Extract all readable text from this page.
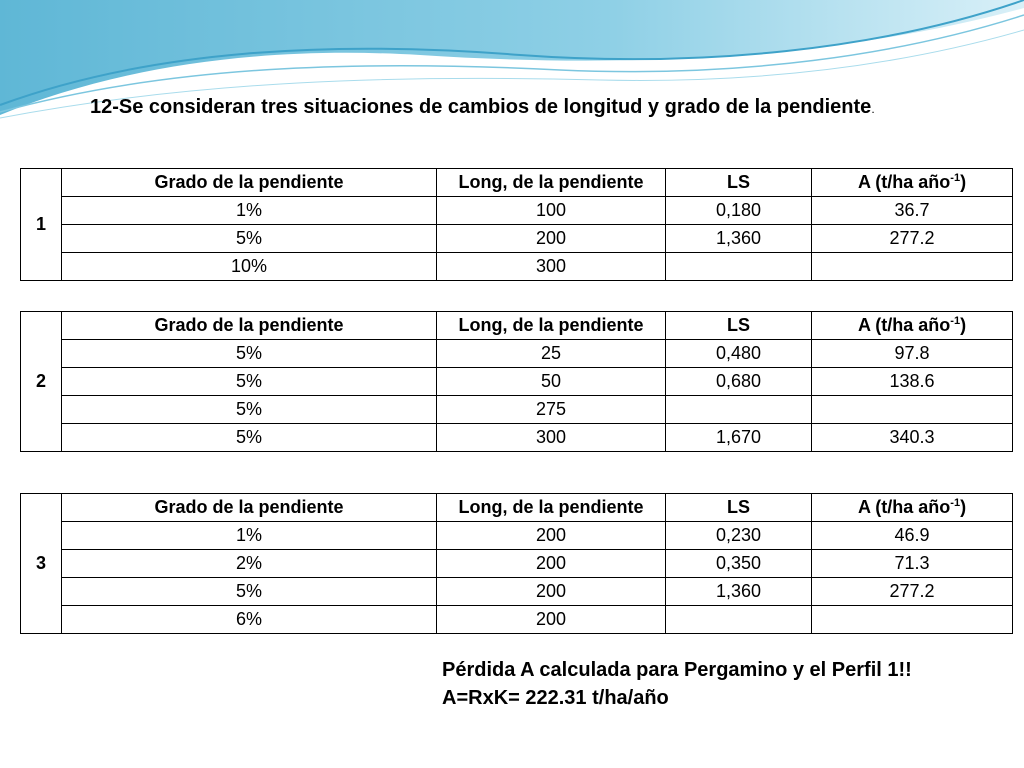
12-Se consideran tres situaciones de cambios de longitud y grado de la pendiente.
1	Grado de la pendiente	Long, de la pendiente	LS	A (t/ha año$^{-1}$)
	1%	100	0,180	36.7
	5%	200	1,360	277.2
	10%	300		
2	Grado de la pendiente	Long, de la pendiente	LS	A (t/ha año$^{-1}$)
	5%	25	0,480	97.8
	5%	50	0,680	138.6
	5%	275		
	5%	300	1,670	340.3
3	Grado de la pendiente	Long, de la pendiente	LS	A (t/ha año$^{-1}$)
	1%	200	0,230	46.9
	2%	200	0,350	71.3
	5%	200	1,360	277.2
	6%	200		
Pérdida A calculada para Pergamino y el Perfil 1!!
A=RxK= 222.31 t/ha/año
